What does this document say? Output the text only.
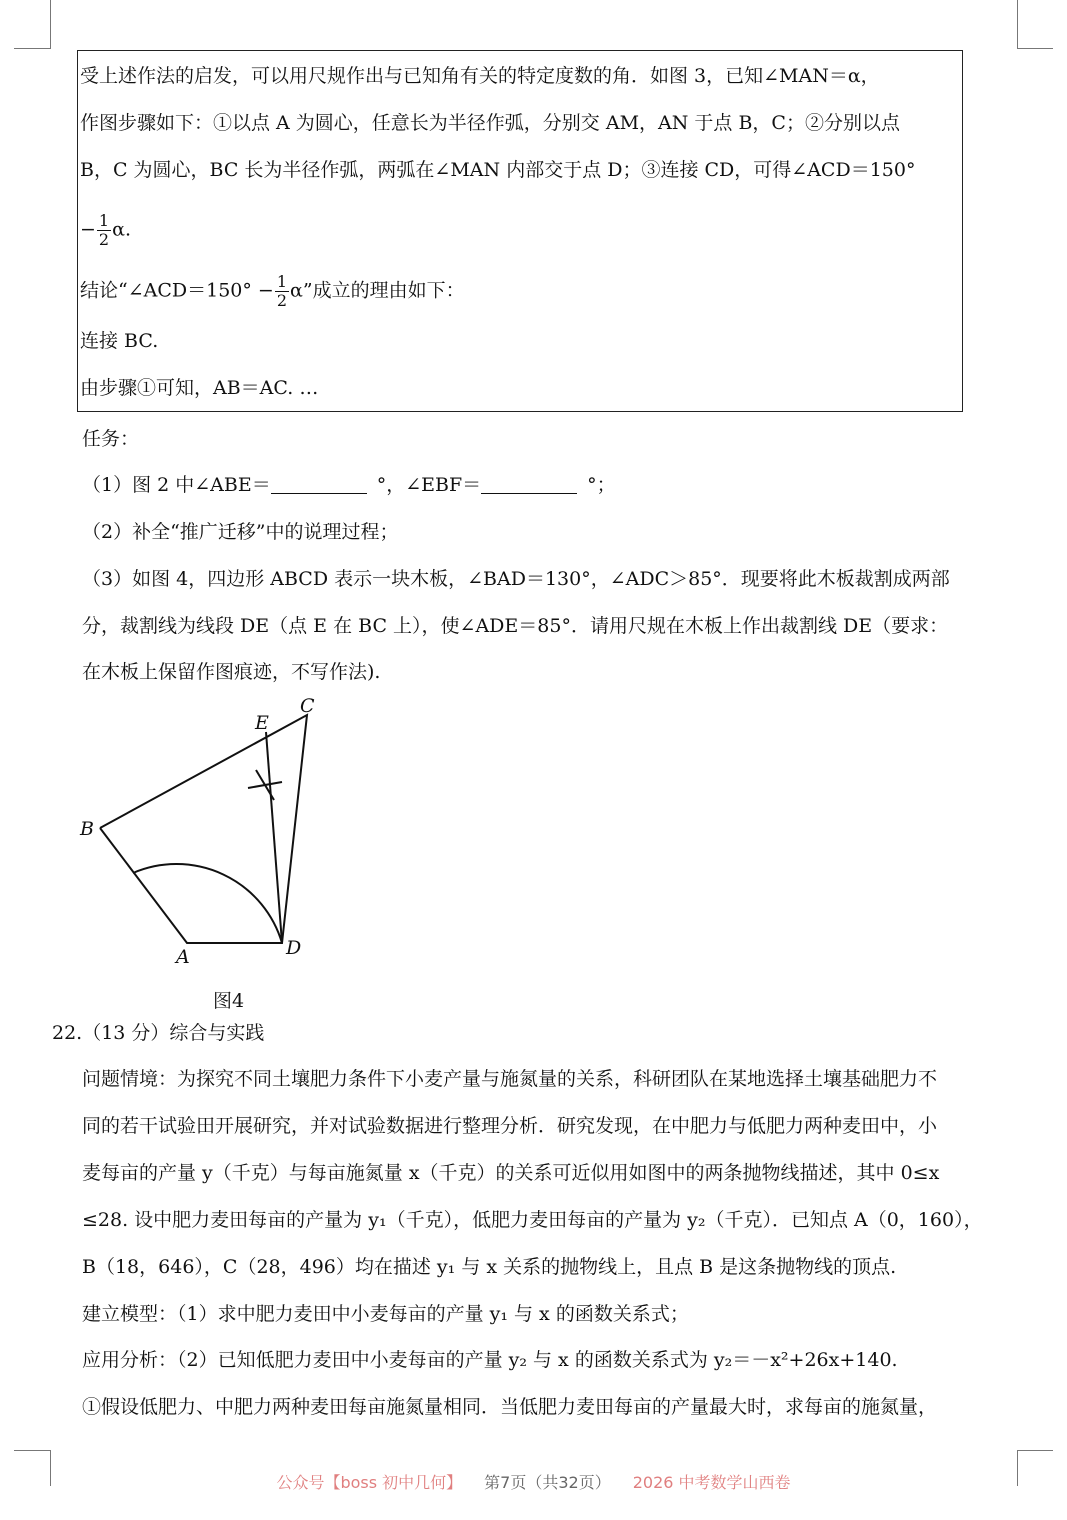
受上述作法的启发，可以用尺规作出与已知角有关的特定度数的角．如图 3，已知∠MAN＝α，
作图步骤如下：①以点 A 为圆心，任意长为半径作弧，分别交 AM，AN 于点 B，C；②分别以点
B，C 为圆心，BC 长为半径作弧，两弧在∠MAN 内部交于点 D；③连接 CD，可得∠ACD＝150°
− $\frac{1}{2} \alpha$.
结论“∠ACD＝150° − $\frac{1}{2} \alpha$”成立的理由如下：
连接 BC.
由步骤①可知，AB＝AC. …
任务：
（1）图 2 中∠ABE＝	°，∠EBF＝	°；
（2）补全“推广迁移”中的说理过程；
（3）如图 4，四边形 ABCD 表示一块木板，∠BAD＝130°，∠ADC＞85°．现要将此木板裁割成两部
分，裁割线为线段 DE（点 E 在 BC 上），使∠ADE＝85°．请用尺规在木板上作出裁割线 DE（要求：
在木板上保留作图痕迹，不写作法).
B
A	D
C
E
图4
22.（13 分）综合与实践
问题情境：为探究不同土壤肥力条件下小麦产量与施氮量的关系，科研团队在某地选择土壤基础肥力不
同的若干试验田开展研究，并对试验数据进行整理分析．研究发现，在中肥力与低肥力两种麦田中，小
麦每亩的产量 y（千克）与每亩施氮量 x（千克）的关系可近似用如图中的两条抛物线描述，其中 0≤x
≤28. 设中肥力麦田每亩的产量为 y₁（千克），低肥力麦田每亩的产量为 y₂（千克）．已知点 A（0，160），
B（18，646），C（28，496）均在描述 y₁ 与 x 关系的抛物线上，且点 B 是这条抛物线的顶点.
建立模型：（1）求中肥力麦田中小麦每亩的产量 y₁ 与 x 的函数关系式；
应用分析：（2）已知低肥力麦田中小麦每亩的产量 y₂ 与 x 的函数关系式为 y₂＝－x²+26x+140.
①假设低肥力、中肥力两种麦田每亩施氮量相同．当低肥力麦田每亩的产量最大时，求每亩的施氮量，
公众号【boss 初中几何】 第7页（共32页） 2026 中考数学山西卷
